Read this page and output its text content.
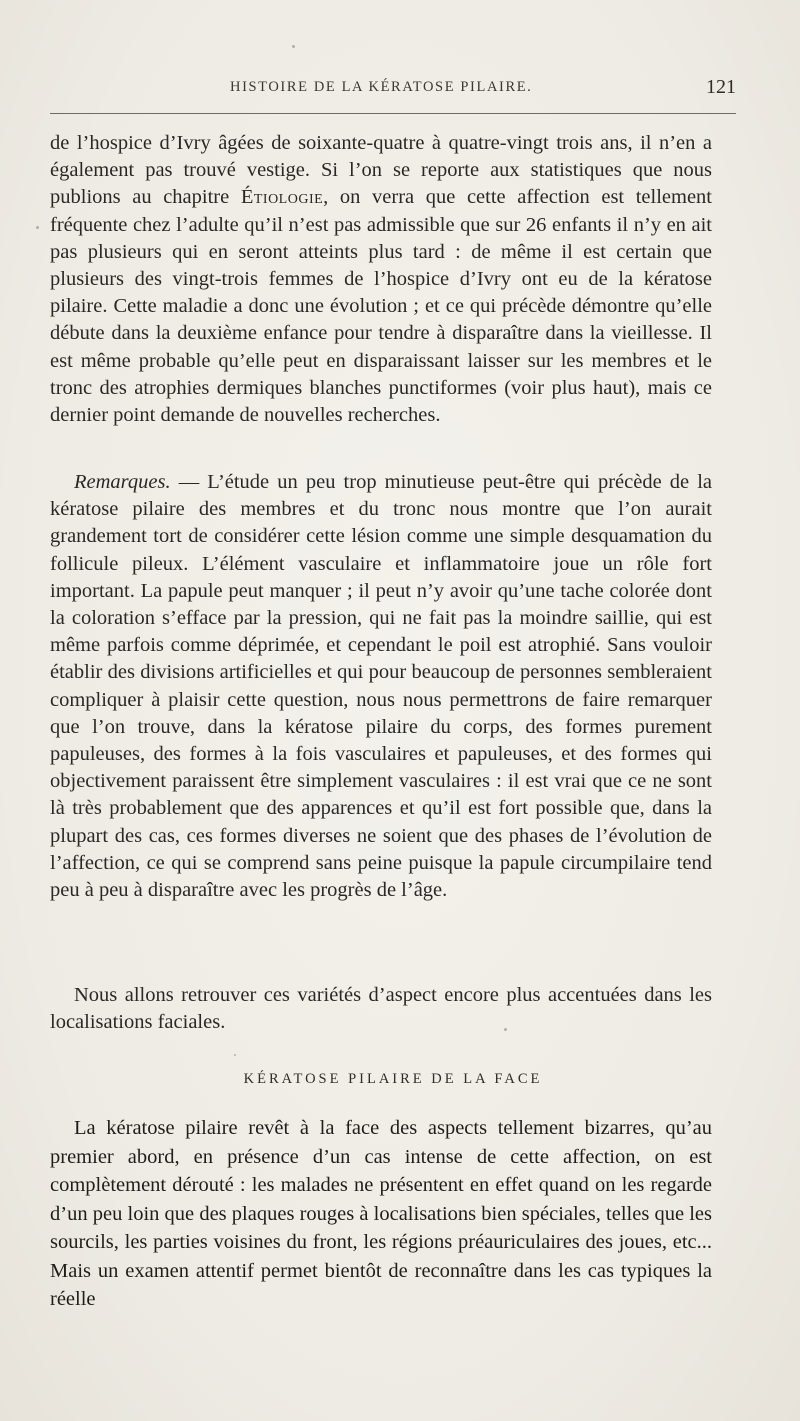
HISTOIRE DE LA KÉRATOSE PILAIRE.	121
de l’hospice d’Ivry âgées de soixante-quatre à quatre-vingt trois ans, il n’en a également pas trouvé vestige. Si l’on se reporte aux statistiques que nous publions au chapitre Étiologie, on verra que cette affection est tellement fréquente chez l’adulte qu’il n’est pas admissible que sur 26 enfants il n’y en ait pas plusieurs qui en seront atteints plus tard : de même il est certain que plusieurs des vingt-trois femmes de l’hospice d’Ivry ont eu de la kératose pilaire. Cette maladie a donc une évolution ; et ce qui précède démontre qu’elle débute dans la deuxième enfance pour tendre à disparaître dans la vieillesse. Il est même probable qu’elle peut en disparaissant laisser sur les membres et le tronc des atrophies dermiques blanches punctiformes (voir plus haut), mais ce dernier point demande de nouvelles recherches.
Remarques. — L’étude un peu trop minutieuse peut-être qui précède de la kératose pilaire des membres et du tronc nous montre que l’on aurait grandement tort de considérer cette lésion comme une simple desquamation du follicule pileux. L’élément vasculaire et inflammatoire joue un rôle fort important. La papule peut manquer ; il peut n’y avoir qu’une tache colorée dont la coloration s’efface par la pression, qui ne fait pas la moindre saillie, qui est même parfois comme déprimée, et cependant le poil est atrophié. Sans vouloir établir des divisions artificielles et qui pour beaucoup de personnes sembleraient compliquer à plaisir cette question, nous nous permettrons de faire remarquer que l’on trouve, dans la kératose pilaire du corps, des formes purement papuleuses, des formes à la fois vasculaires et papuleuses, et des formes qui objectivement paraissent être simplement vasculaires : il est vrai que ce ne sont là très probablement que des apparences et qu’il est fort possible que, dans la plupart des cas, ces formes diverses ne soient que des phases de l’évolution de l’affection, ce qui se comprend sans peine puisque la papule circumpilaire tend peu à peu à disparaître avec les progrès de l’âge.
Nous allons retrouver ces variétés d’aspect encore plus accentuées dans les localisations faciales.
KÉRATOSE PILAIRE DE LA FACE
La kératose pilaire revêt à la face des aspects tellement bizarres, qu’au premier abord, en présence d’un cas intense de cette affection, on est complètement dérouté : les malades ne présentent en effet quand on les regarde d’un peu loin que des plaques rouges à localisations bien spéciales, telles que les sourcils, les parties voisines du front, les régions préauriculaires des joues, etc... Mais un examen attentif permet bientôt de reconnaître dans les cas typiques la réelle
